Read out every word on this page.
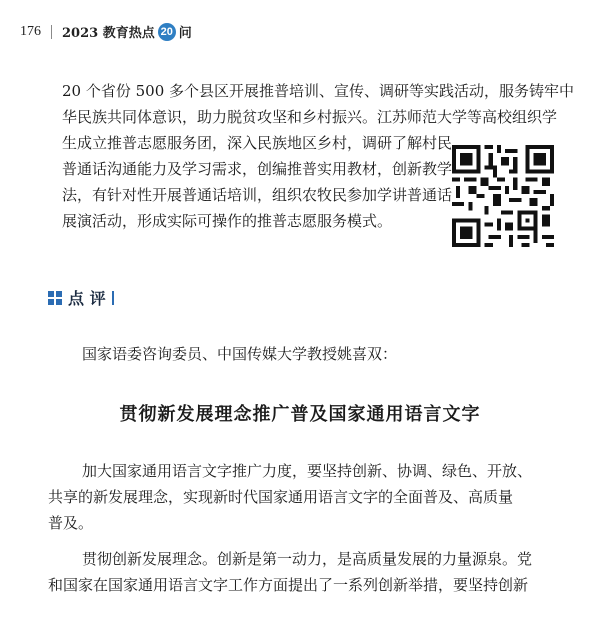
176 2023 教育热点 20 问
20 个省份 500 多个县区开展推普培训、宣传、调研等实践活动，服务铸牢中
华民族共同体意识，助力脱贫攻坚和乡村振兴。江苏师范大学等高校组织学
生成立推普志愿服务团，深入民族地区乡村，调研了解村民
普通话沟通能力及学习需求，创编推普实用教材，创新教学
法，有针对性开展普通话培训，组织农牧民参加学讲普通话
展演活动，形成实际可操作的推普志愿服务模式。
点 评
国家语委咨询委员、中国传媒大学教授姚喜双：
贯彻新发展理念推广普及国家通用语言文字
加大国家通用语言文字推广力度，要坚持创新、协调、绿色、开放、
共享的新发展理念，实现新时代国家通用语言文字的全面普及、高质量
普及。
贯彻创新发展理念。创新是第一动力，是高质量发展的力量源泉。党
和国家在国家通用语言文字工作方面提出了一系列创新举措，要坚持创新
